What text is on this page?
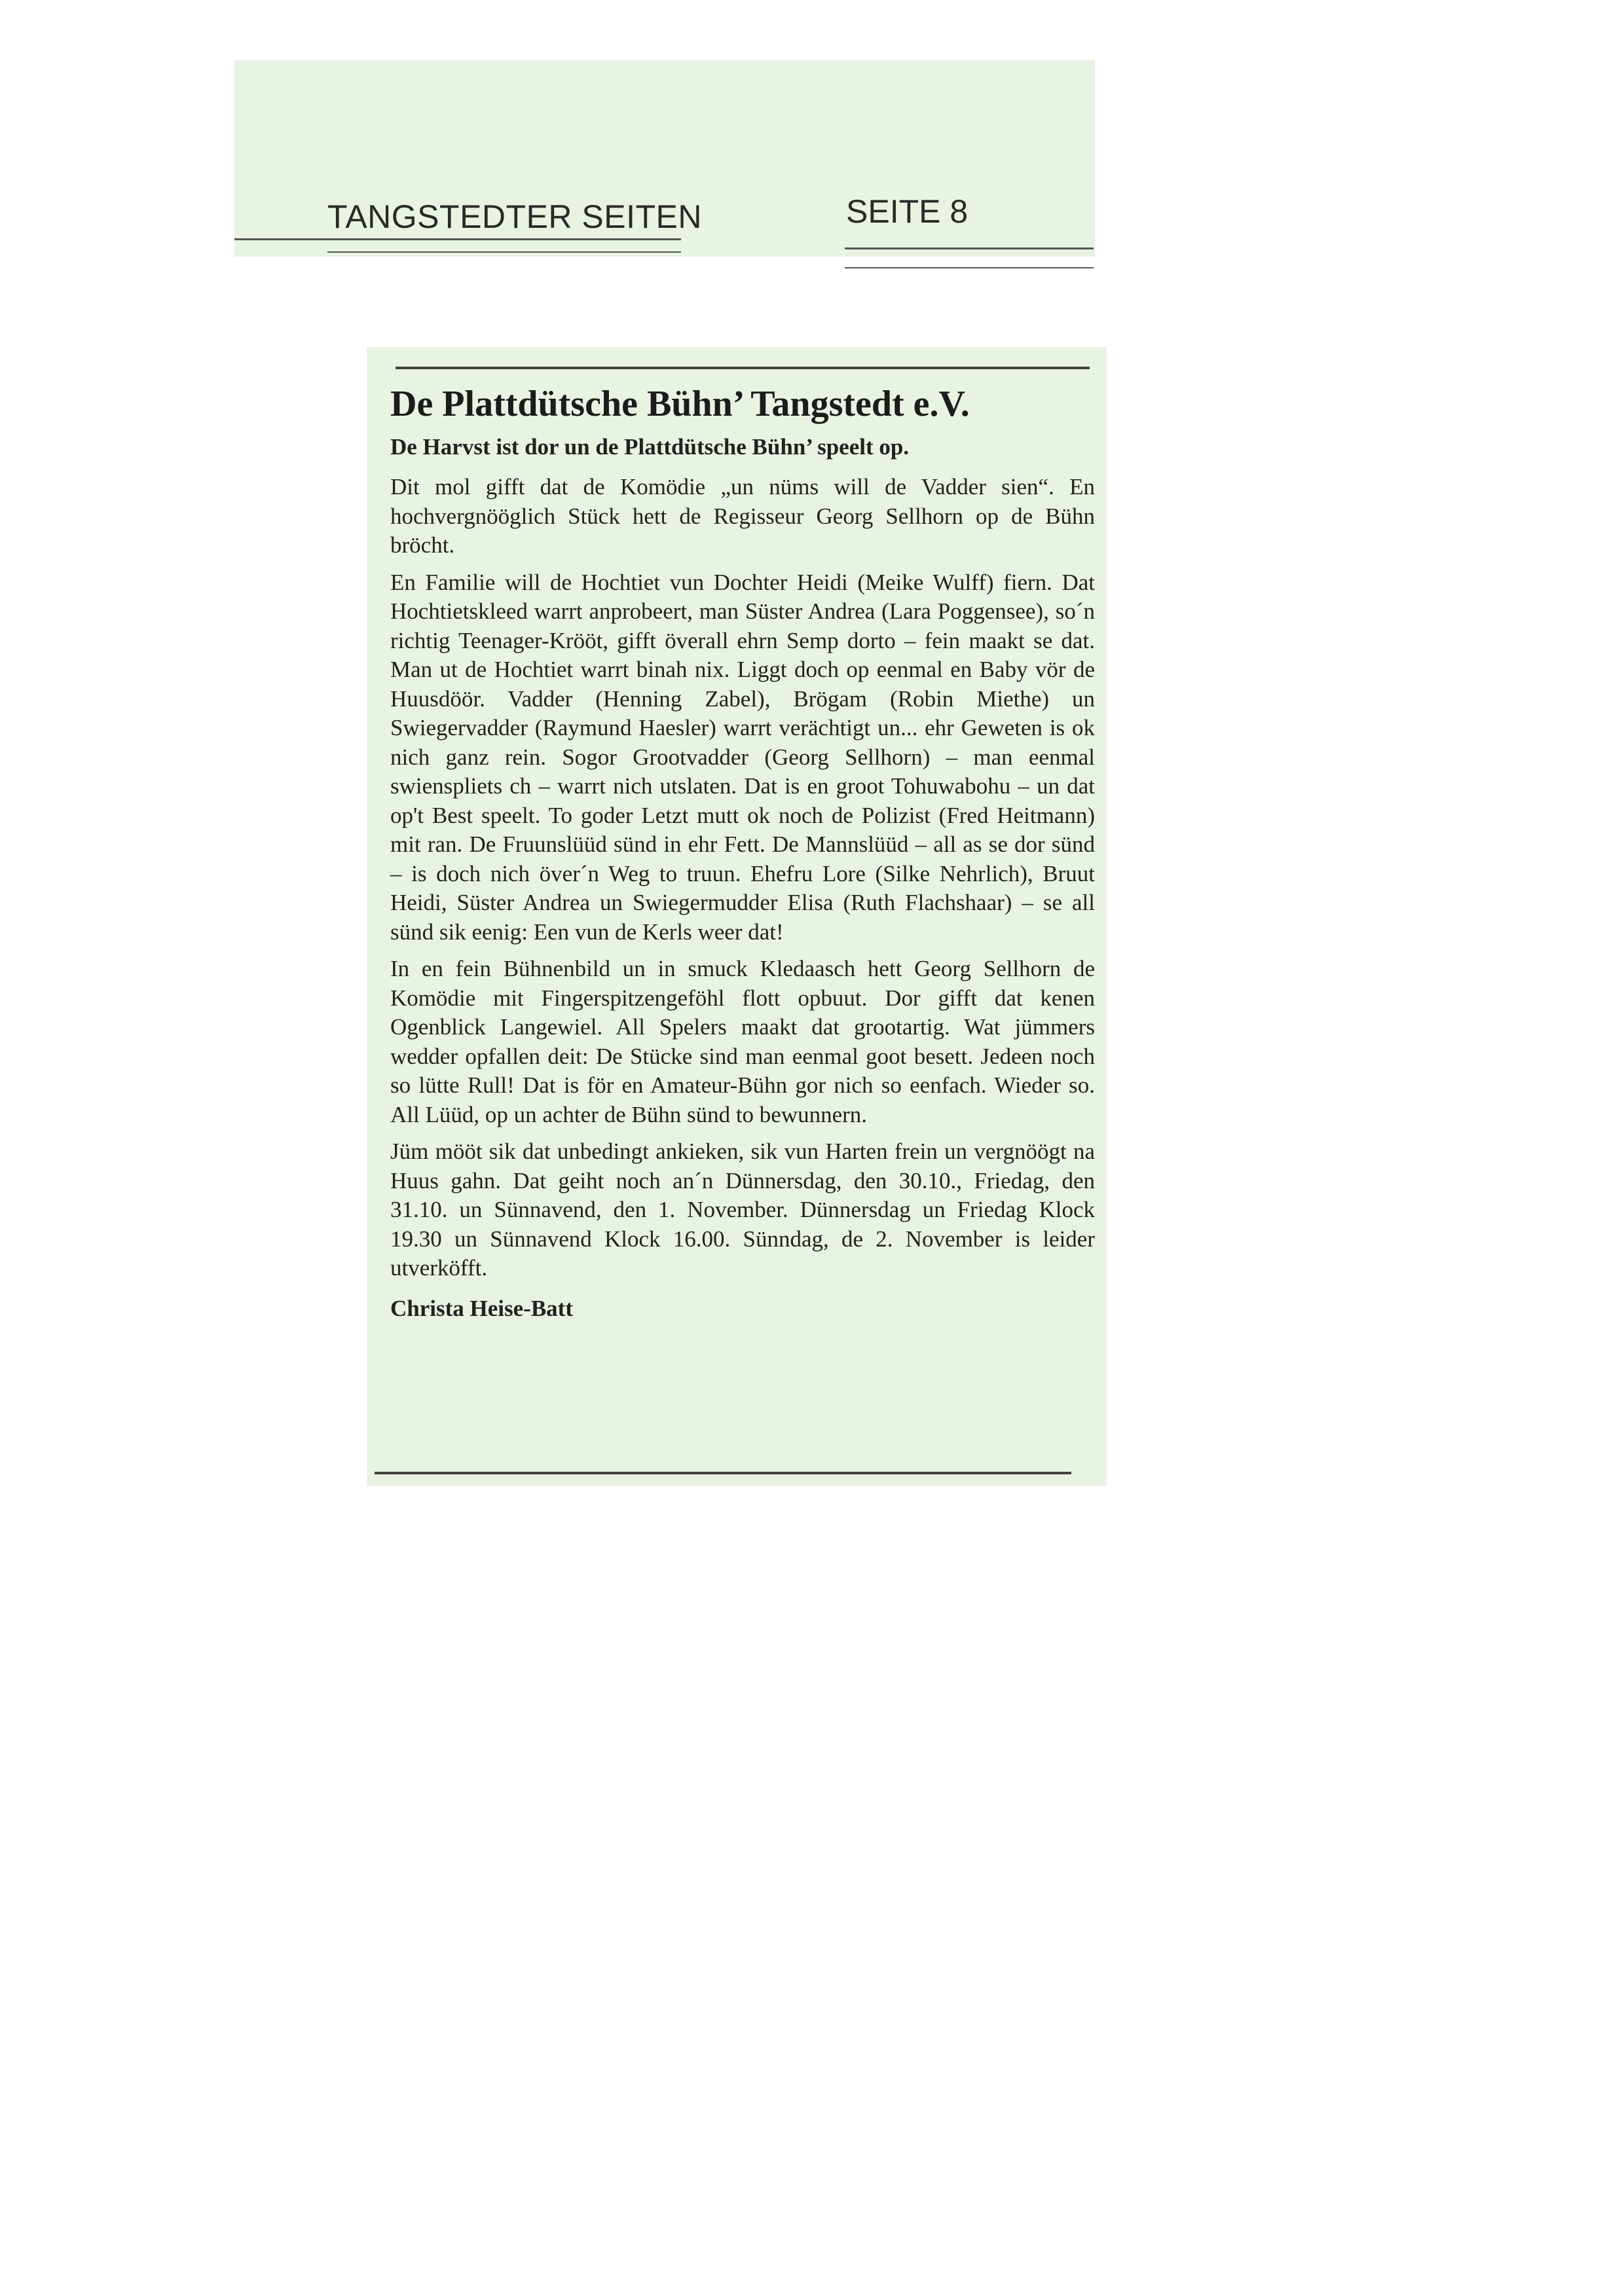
TANGSTEDTER SEITEN	SEITE 8
De Plattdütsche Bühn’ Tangstedt e.V.
De Harvst ist dor un de Plattdütsche Bühn’ speelt op.

Dit mol gifft dat de Komödie „un nüms will de Vadder sien“. En hochvergnööglich Stück hett de Regisseur Georg Sellhorn op de Bühn bröcht.

En Familie will de Hochtiet vun Dochter Heidi (Meike Wulff) fiern. Dat Hochtietskleed warrt anprobeert, man Süster Andrea (Lara Poggensee), so´n richtig Teenager-Krööt, gifft överall ehrn Semp dorto – fein maakt se dat. Man ut de Hochtiet warrt binah nix. Liggt doch op eenmal en Baby vör de Huusdöör. Vadder (Henning Zabel), Brögam (Robin Miethe) un Swiegervadder (Raymund Haesler) warrt verächtigt un... ehr Geweten is ok nich ganz rein. Sogor Grootvadder (Georg Sellhorn) – man eenmal swienspliets ch – warrt nich utslaten. Dat is en groot Tohuwabohu – un dat op't Best speelt. To goder Letzt mutt ok noch de Polizist (Fred Heitmann) mit ran. De Fruunslüüd sünd in ehr Fett. De Mannslüüd – all as se dor sünd – is doch nich över´n Weg to truun. Ehefru Lore (Silke Nehrlich), Bruut Heidi, Süster Andrea un Swiegermudder Elisa (Ruth Flachshaar) – se all sünd sik eenig: Een vun de Kerls weer dat!

In en fein Bühnenbild un in smuck Kledaasch hett Georg Sellhorn de Komödie mit Fingerspitzengeföhl flott opbuut. Dor gifft dat kenen Ogenblick Langewiel. All Spelers maakt dat grootartig. Wat jümmers wedder opfallen deit: De Stücke sind man eenmal goot besett. Jedeen noch so lütte Rull! Dat is för en Amateur-Bühn gor nich so eenfach. Wieder so. All Lüüd, op un achter de Bühn sünd to bewunnern.

Jüm mööt sik dat unbedingt ankieken, sik vun Harten frein un vergnöögt na Huus gahn. Dat geiht noch an´n Dünnersdag, den 30.10., Friedag, den 31.10. un Sünnavend, den 1. November. Dünnersdag un Friedag Klock 19.30 un Sünnavend Klock 16.00. Sünndag, de 2. November is leider utverköfft.

Christa Heise-Batt
